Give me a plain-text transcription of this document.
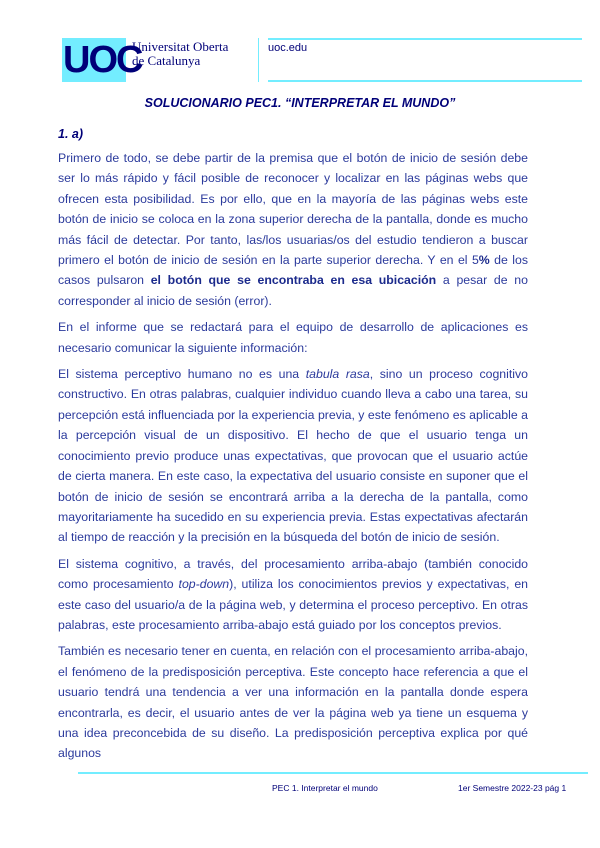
UOC
Universitat Oberta
de Catalunya
uoc.edu
SOLUCIONARIO PEC1. “INTERPRETAR EL MUNDO”
1. a)

Primero de todo, se debe partir de la premisa que el botón de inicio de sesión debe ser lo más rápido y fácil posible de reconocer y localizar en las páginas webs que ofrecen esta posibilidad. Es por ello, que en la mayoría de las páginas webs este botón de inicio se coloca en la zona superior derecha de la pantalla, donde es mucho más fácil de detectar. Por tanto, las/los usuarias/os del estudio tendieron a buscar primero el botón de inicio de sesión en la parte superior derecha. Y en el 5% de los casos pulsaron el botón que se encontraba en esa ubicación a pesar de no corresponder al inicio de sesión (error).

En el informe que se redactará para el equipo de desarrollo de aplicaciones es necesario comunicar la siguiente información:

El sistema perceptivo humano no es una tabula rasa, sino un proceso cognitivo constructivo. En otras palabras, cualquier individuo cuando lleva a cabo una tarea, su percepción está influenciada por la experiencia previa, y este fenómeno es aplicable a la percepción visual de un dispositivo. El hecho de que el usuario tenga un conocimiento previo produce unas expectativas, que provocan que el usuario actúe de cierta manera. En este caso, la expectativa del usuario consiste en suponer que el botón de inicio de sesión se encontrará arriba a la derecha de la pantalla, como mayoritariamente ha sucedido en su experiencia previa. Estas expectativas afectarán al tiempo de reacción y la precisión en la búsqueda del botón de inicio de sesión.

El sistema cognitivo, a través, del procesamiento arriba-abajo (también conocido como procesamiento top-down), utiliza los conocimientos previos y expectativas, en este caso del usuario/a de la página web, y determina el proceso perceptivo. En otras palabras, este procesamiento arriba-abajo está guiado por los conceptos previos.

También es necesario tener en cuenta, en relación con el procesamiento arriba-abajo, el fenómeno de la predisposición perceptiva. Este concepto hace referencia a que el usuario tendrá una tendencia a ver una información en la pantalla donde espera encontrarla, es decir, el usuario antes de ver la página web ya tiene un esquema y una idea preconcebida de su diseño. La predisposición perceptiva explica por qué algunos

PEC 1. Interpretar el mundo	1er Semestre 2022-23 pág 1
